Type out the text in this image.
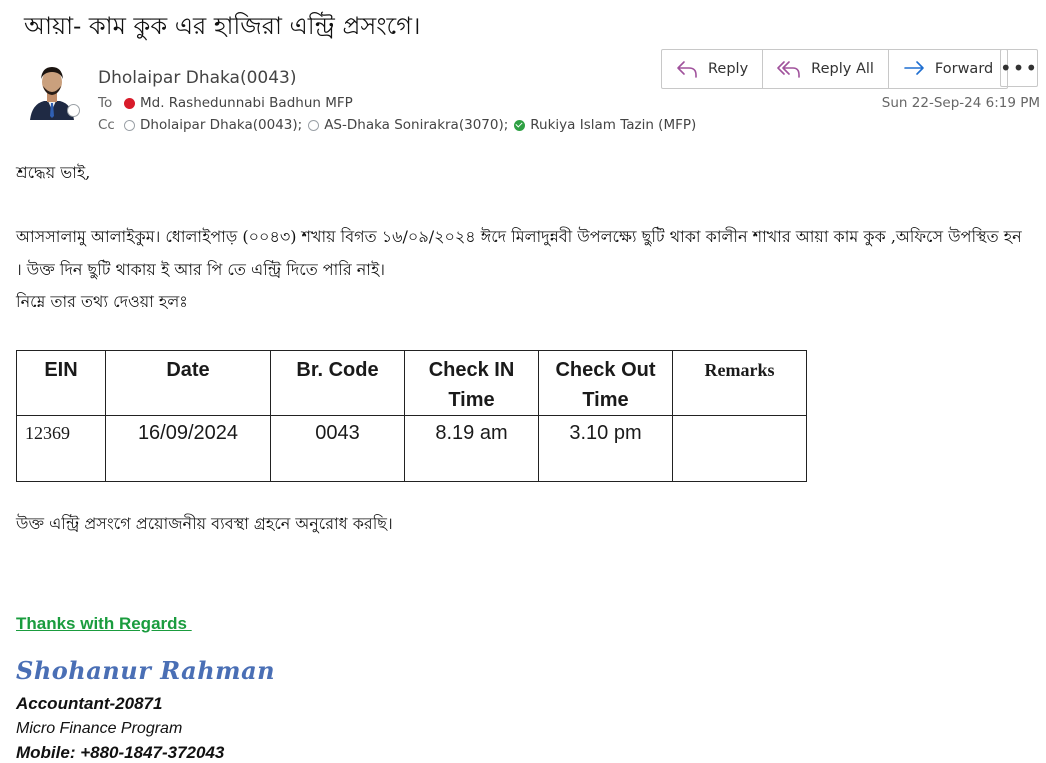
আয়া- কাম কুক এর হাজিরা এন্ট্রি প্রসংগে।
Dholaipar Dhaka(0043)
To	Md. Rashedunnabi Badhun MFP
Cc	Dholaipar Dhaka(0043); AS-Dhaka Sonirakra(3070); Rukiya Islam Tazin (MFP)
Reply	Reply All	Forward •••
Sun 22-Sep-24 6:19 PM
শ্রদ্ধেয় ভাই,
আসসালামু আলাইকুম। ধোলাইপাড় (০০৪৩) শখায় বিগত ১৬/০৯/২০২৪ ঈদে মিলাদুন্নবী উপলক্ষ্যে ছুটি থাকা কালীন শাখার আয়া কাম কুক ,অফিসে উপস্থিত হন
। উক্ত দিন ছুটি থাকায় ই আর পি তে এন্ট্রি দিতে পারি নাই।
নিম্নে তার তথ্য দেওয়া হলঃ
EIN	Date	Br. Code	Check IN Time	Check Out Time	Remarks
12369	16/09/2024	0043	8.19 am	3.10 pm	
উক্ত এন্ট্রি প্রসংগে প্রয়োজনীয় ব্যবস্থা গ্রহনে অনুরোধ করছি।
Thanks with Regards
Shohanur Rahman
Accountant-20871
Micro Finance Program
Mobile: +880-1847-372043
